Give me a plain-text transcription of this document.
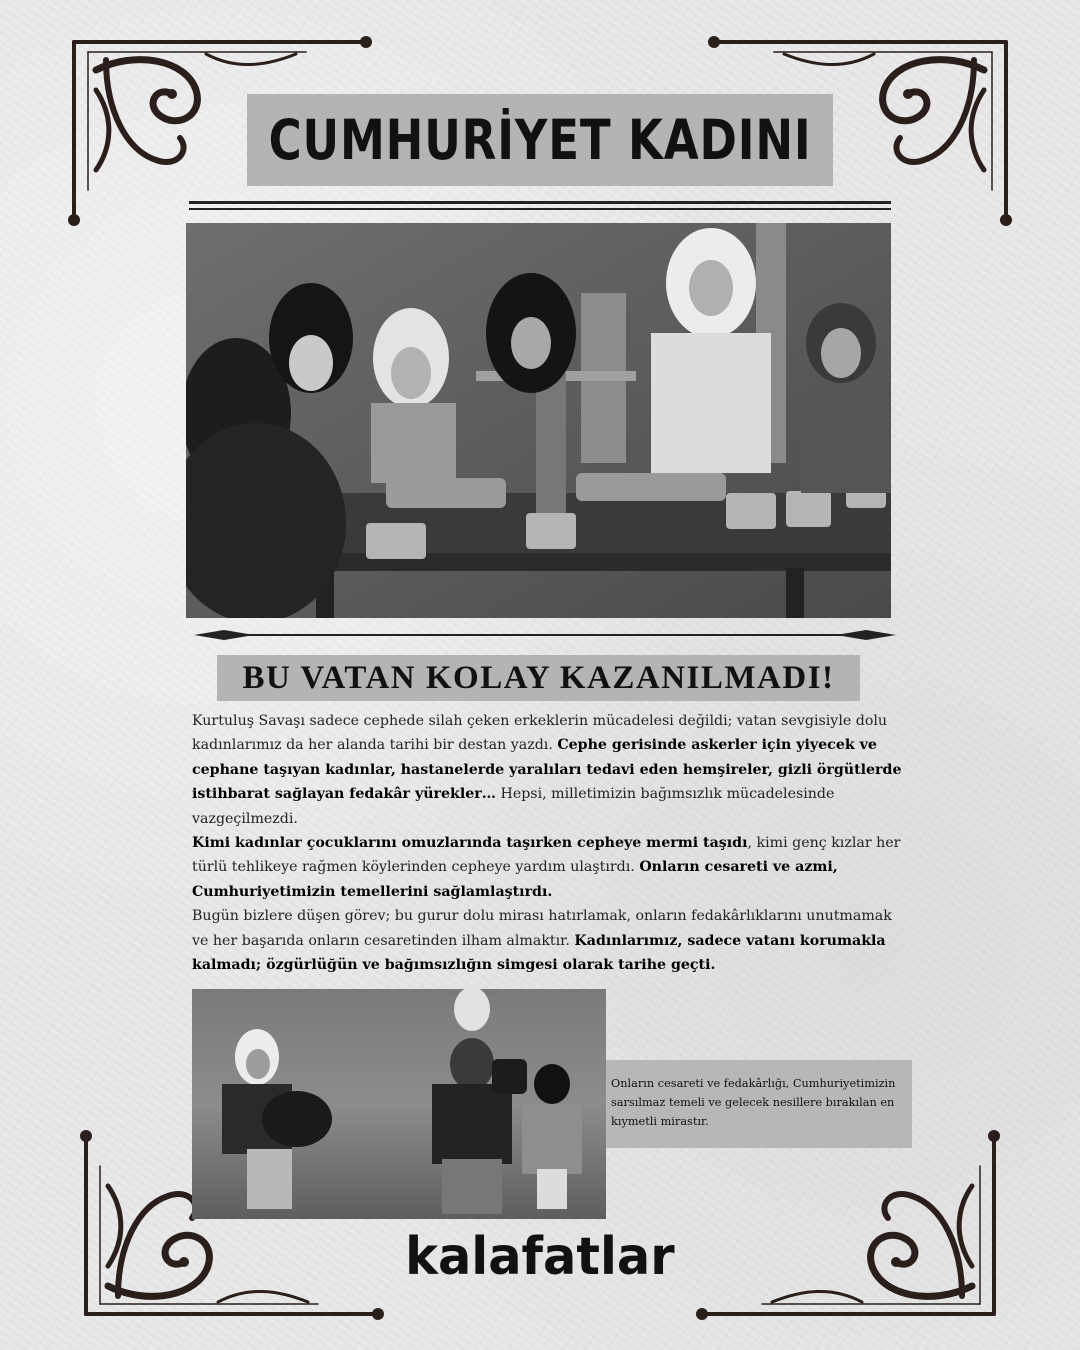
CUMHURİYET KADINI
BU VATAN KOLAY KAZANILMADI!

Kurtuluş Savaşı sadece cephede silah çeken erkeklerin mücadelesi değildi; vatan sevgisiyle dolu kadınlarımız da her alanda tarihi bir destan yazdı. Cephe gerisinde askerler için yiyecek ve cephane taşıyan kadınlar, hastanelerde yaralıları tedavi eden hemşireler, gizli örgütlerde istihbarat sağlayan fedakâr yürekler… Hepsi, milletimizin bağımsızlık mücadelesinde vazgeçilmezdi.

Kimi kadınlar çocuklarını omuzlarında taşırken cepheye mermi taşıdı, kimi genç kızlar her türlü tehlikeye rağmen köylerinden cepheye yardım ulaştırdı. Onların cesareti ve azmi, Cumhuriyetimizin temellerini sağlamlaştırdı.

Bugün bizlere düşen görev; bu gurur dolu mirası hatırlamak, onların fedakârlıklarını unutmamak ve her başarıda onların cesaretinden ilham almaktır. Kadınlarımız, sadece vatanı korumakla kalmadı; özgürlüğün ve bağımsızlığın simgesi olarak tarihe geçti.

Onların cesareti ve fedakârlığı, Cumhuriyetimizin sarsılmaz temeli ve gelecek nesillere bırakılan en kıymetli mirastır.
kalafatlar
